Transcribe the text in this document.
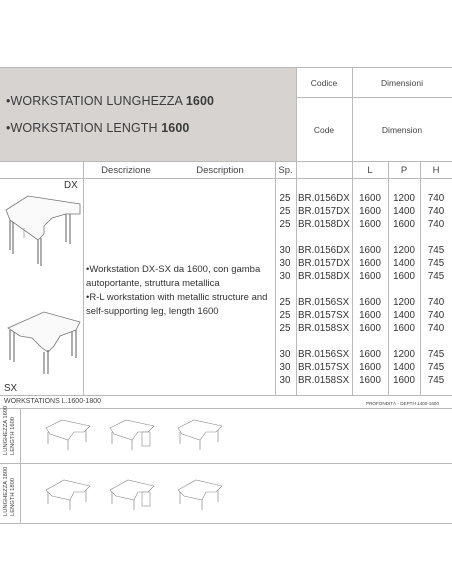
•WORKSTATION LUNGHEZZA 1600
•WORKSTATION LENGTH 1600
Codice
Code
Dimensioni
Dimension
Descrizione	Description	Sp.	L	P	H
DX
SX
•Workstation DX-SX da 1600, con gamba autoportante, struttura metallica
•R-L workstation with metallic structure and self-supporting leg, length 1600
25 BR.0156DX 1600	1200	740
25 BR.0157DX 1600	1400	740
25 BR.0158DX 1600	1600	740
30 BR.0156DX 1600	1200	745
30 BR.0157DX 1600	1400	745
30 BR.0158DX 1600	1600	745
25 BR.0156SX	1600	1200	740
25 BR.0157SX	1600	1400	740
25 BR.0158SX	1600	1600	740
30 BR.0156SX	1600	1200	745
30 BR.0157SX	1600	1400	745
30 BR.0158SX	1600	1600	745
WORKSTATIONS L.1600-1800	PROFONDITÀ - DEPTH 1400-1600
LUNGHEZZA 1600
LENGTH 1600
LUNGHEZZA 1800
LENGTH 1800
